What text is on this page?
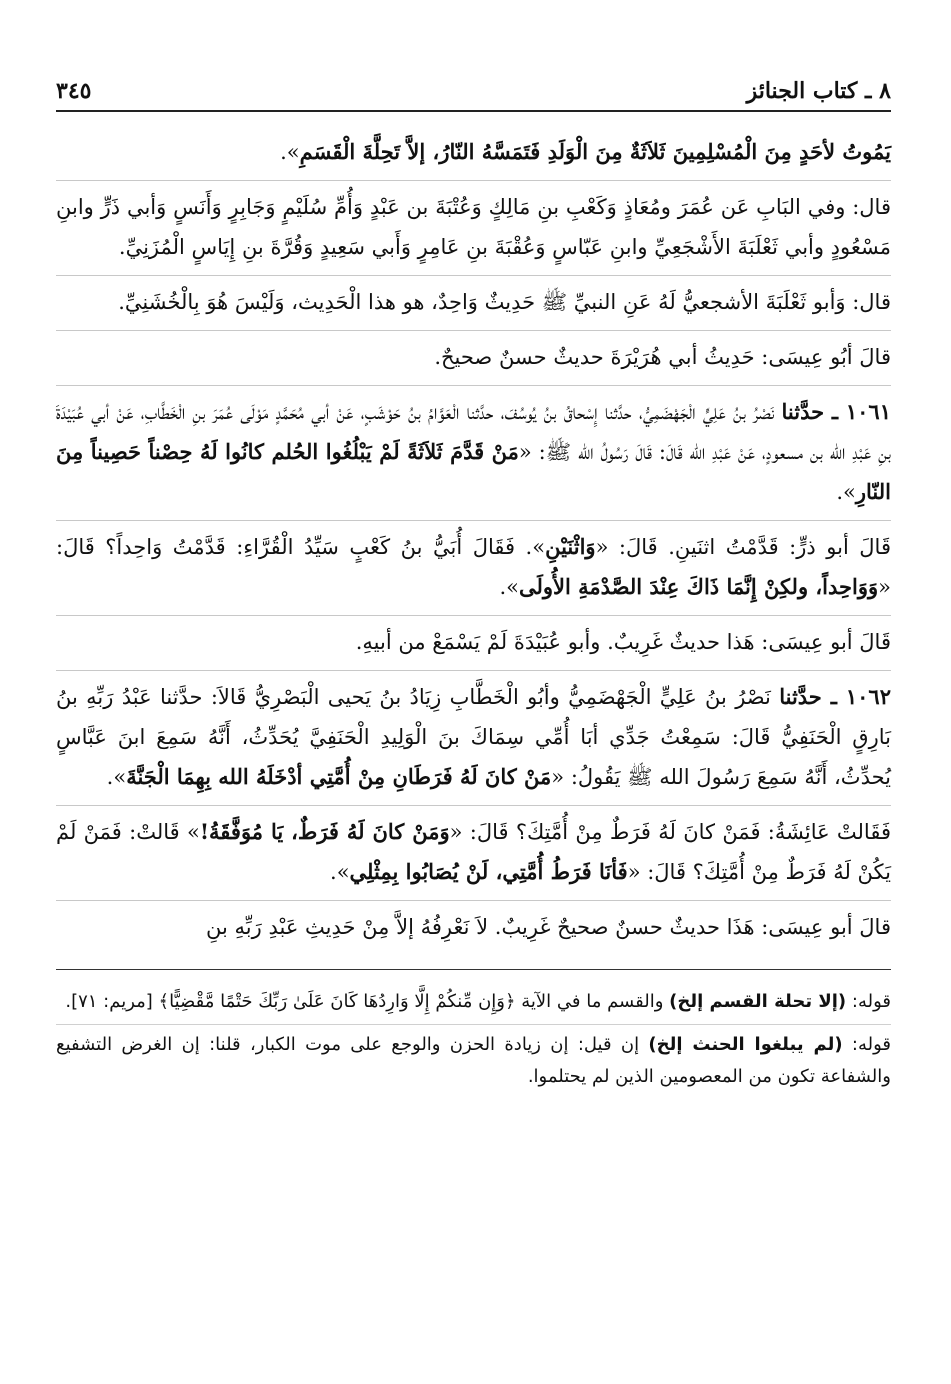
٨ ـ كتاب الجنائز
٣٤٥

يَمُوتُ لأحَدٍ مِنَ الْمُسْلِمِينَ ثَلاَثَةٌ مِنَ الْوَلَدِ فَتَمَسَّهُ النّارُ، إلاَّ تَحِلَّةَ الْقَسَمِ».

قال: وفي البَابِ عَن عُمَرَ ومُعَاذٍ وَكَعْبِ بنِ مَالِكٍ وَعُتْبَةَ بن عَبْدٍ وَأُمِّ سُلَيْمٍ وَجَابِرٍ وَأَنَسٍ وَأبي ذَرٍّ وابنِ مَسْعُودٍ وأبي ثَعْلَبَةَ الأَشْجَعِيِّ وابنِ عَبّاسٍ وَعُقْبَةَ بنِ عَامِرٍ وَأَبي سَعِيدٍ وَقُرَّةَ بنِ إِيَاسٍ الْمُزَنِيِّ.

قال: وَأبو ثَعْلَبَةَ الأشجعيُّ لَهُ عَنِ النبيِّ ﷺ حَدِيثٌ وَاحِدٌ، هو هذا الْحَدِيث، وَلَيْسَ هُوَ بِالْخُشَنِيِّ.

قالَ أبُو عِيسَى: حَدِيثُ أبي هُرَيْرَةَ حديثٌ حسنٌ صحيحٌ.

١٠٦١ ـ حدَّثنا نَصْرُ بنُ عَلِيٍّ الْجَهْضَمِيُّ، حدَّثنا إِسْحاقُ بنُ يُوسُفَ، حدَّثنا الْعَوَّامُ بنُ حَوْشَبٍ، عَنْ أبي مُحَمَّدٍ مَوْلَى عُمَرَ بنِ الْخَطَّابِ، عَنْ أبي عُبَيْدَةَ بنِ عَبْدِ الله بن مسعودٍ، عَنْ عَبْدِ الله قَالَ: قَالَ رَسُولُ الله ﷺ: «مَنْ قَدَّمَ ثَلاَثَةً لَمْ يَبْلُغُوا الحُلم كانُوا لَهُ حِصْناً حَصِيناً مِنَ النّارِ».

قَالَ أبو ذرٍّ: قَدَّمْتُ اثنَينِ. قَالَ: «وَاثْنَيْنِ». فَقَالَ أُبَيُّ بنُ كَعْبٍ سَيِّدُ الْقُرَّاءِ: قَدَّمْتُ وَاحِداً؟ قَالَ: «وَوَاحِداً، ولكِنْ إِنَّمَا ذَاكَ عِنْدَ الصَّدْمَةِ الأُولَى».

قَالَ أبو عِيسَى: هَذا حديثٌ غَرِيبٌ. وأبو عُبَيْدَةَ لَمْ يَسْمَعْ من أبيهِ.

١٠٦٢ ـ حدَّثنا نَصْرُ بنُ عَلِيٍّ الْجَهْضَمِيُّ وأبُو الْخَطَّابِ زِيَادُ بنُ يَحيى الْبَصْرِيُّ قَالاَ: حدَّثنا عَبْدُ رَبِّهِ بنُ بَارِقٍ الْحَنَفِيُّ قَالَ: سَمِعْتُ جَدِّي أبَا أُمِّي سِمَاكَ بنَ الْوَلِيدِ الْحَنَفِيَّ يُحَدِّثُ، أَنَّهُ سَمِعَ ابنَ عَبَّاسٍ يُحدِّثُ، أَنَّهُ سَمِعَ رَسُولَ الله ﷺ يَقُولُ: «مَنْ كانَ لَهُ فَرَطَانِ مِنْ أُمَّتِي أدْخَلَهُ الله بِهِمَا الْجَنَّةَ».

فَقَالتْ عَائِشَةُ: فَمَنْ كانَ لَهُ فَرَطٌ مِنْ أُمَّتِكَ؟ قَالَ: «وَمَنْ كانَ لَهُ فَرَطٌ، يَا مُوَفَّقَةُ!» قَالتْ: فَمَنْ لَمْ يَكُنْ لَهُ فَرَطٌ مِنْ أُمَّتِكَ؟ قَالَ: «فَأنَا فَرَطُ أُمَّتِي، لَنْ يُصَابُوا بِمِثْلِي».

قالَ أبو عِيسَى: هَذَا حديثٌ حسنٌ صحيحٌ غَرِيبٌ. لاَ نَعْرِفُهُ إلاَّ مِنْ حَدِيثِ عَبْدِ رَبِّهِ بنِ

قوله: (إلا تحلة القسم إلخ) والقسم ما في الآية ﴿وَإِن مِّنكُمْ إِلَّا وَارِدُهَا كَانَ عَلَىٰ رَبِّكَ حَتْمًا مَّقْضِيًّا﴾ [مريم: ٧١].

قوله: (لم يبلغوا الحنث إلخ) إن قيل: إن زيادة الحزن والوجع على موت الكبار، قلنا: إن الغرض التشفيع والشفاعة تكون من المعصومين الذين لم يحتلموا.
